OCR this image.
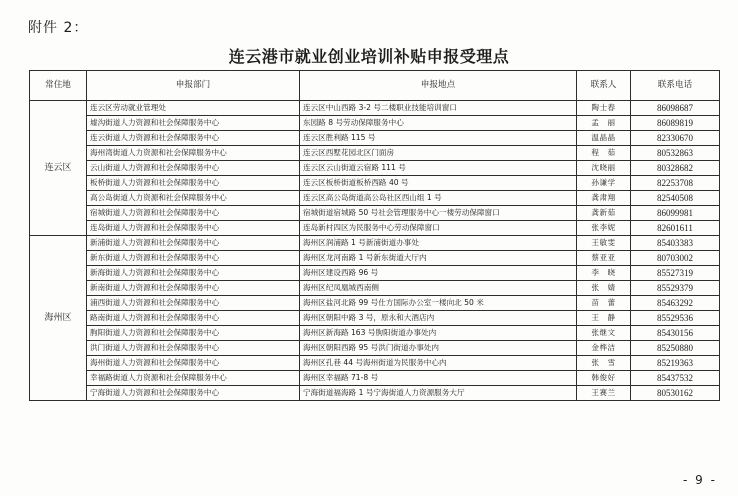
附件 2：
连云港市就业创业培训补贴申报受理点
常住地	申报部门	申报地点	联系人	联系电话
连云区	连云区劳动就业管理处	连云区中山西路 3-2 号二楼职业技能培训窗口	陶士春	86098687
	墟沟街道人力资源和社会保障服务中心	东园路 8 号劳动保障服务中心	孟　丽	86089819
	连云街道人力资源和社会保障服务中心	连云区胜利路 115 号	温晶晶	82330670
	海州湾街道人力资源和社会保障服务中心	连云区西墅花园北区门面房	程　茹	80532863
	云山街道人力资源和社会保障服务中心	连云区云山街道云宿路 111 号	沈晓丽	80328682
	板桥街道人力资源和社会保障服务中心	连云区板桥街道板桥西路 40 号	孙谦学	82253708
	高公岛街道人力资源和社会保障服务中心	连云区高公岛街道高公岛社区西山组 1 号	龚肃翔	82540508
	宿城街道人力资源和社会保障服务中心	宿城街道宿城路 50 号社会管理服务中心一楼劳动保障窗口	龚新茹	86099981
	连岛街道人力资源和社会保障服务中心	连岛新村四区为民服务中心劳动保障窗口	张李妮	82601611
海州区	新浦街道人力资源和社会保障服务中心	海州区润浦路 1 号新浦街道办事处	王敏雯	85403383
	新东街道人力资源和社会保障服务中心	海州区龙河南路 1 号新东街道大厅内	蔡亚亚	80703002
	新海街道人力资源和社会保障服务中心	海州区建设西路 96 号	李　晓	85527319
	新南街道人力资源和社会保障服务中心	海州区纪凤凰城西南侧	张　婧	85529379
	浦西街道人力资源和社会保障服务中心	海州区盐河北路 99 号仕方国际办公室一楼向北 50 米	苗　蕾	85463292
	路南街道人力资源和社会保障服务中心	海州区朝阳中路 3 号，原永和大酒店内	王　静	85529536
	朐阳街道人力资源和社会保障服务中心	海州区新海路 163 号朐阳街道办事处内	张继文	85430156
	洪门街道人力资源和社会保障服务中心	海州区朝阳西路 95 号洪门街道办事处内	金桦洁	85250880
	海州街道人力资源和社会保障服务中心	海州区孔巷 44 号海州街道为民服务中心内	张　雪	85219363
	幸福路街道人力资源和社会保障服务中心	海州区幸福路 71-8 号	韩俊好	85437532
	宁海街道人力资源和社会保障服务中心	宁海街道福海路 1 号宁海街道人力资源服务大厅	王赛兰	80530162
- 9 -
